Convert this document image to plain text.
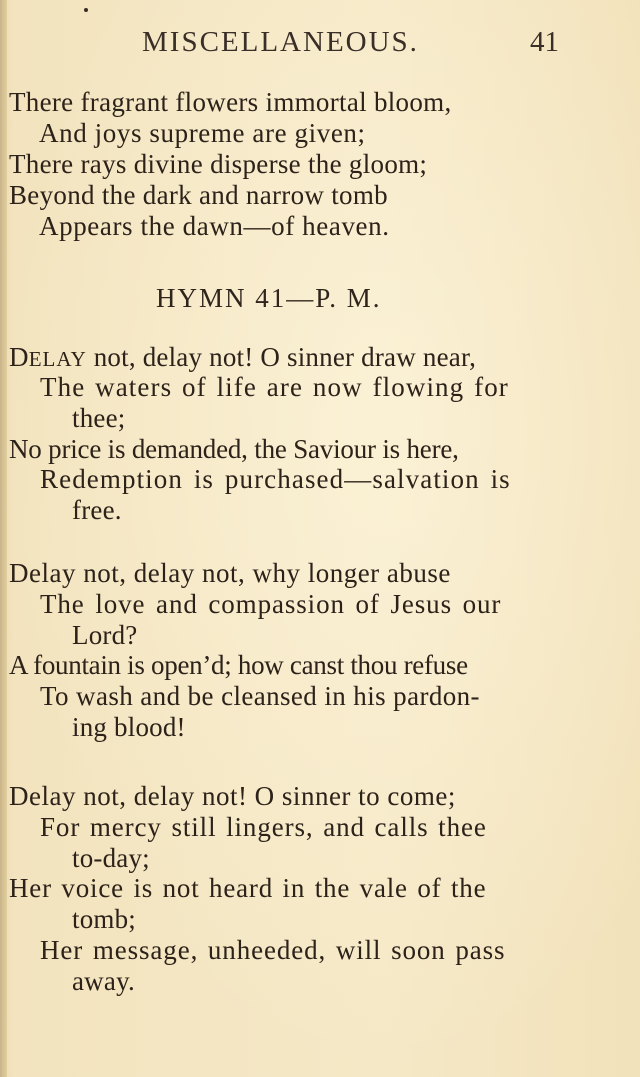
MISCELLANEOUS.	41
There fragrant flowers immortal bloom,
And joys supreme are given;
There rays divine disperse the gloom;
Beyond the dark and narrow tomb
Appears the dawn—of heaven.
HYMN 41—P. M.
DELAY not, delay not! O sinner draw near,
The waters of life are now flowing for
thee;
No price is demanded, the Saviour is here,
Redemption is purchased—salvation is
free.
Delay not, delay not, why longer abuse
The love and compassion of Jesus our
Lord?
A fountain is open’d; how canst thou refuse
To wash and be cleansed in his pardon-
ing blood!
Delay not, delay not! O sinner to come;
For mercy still lingers, and calls thee
to-day;
Her voice is not heard in the vale of the
tomb;
Her message, unheeded, will soon pass
away.
